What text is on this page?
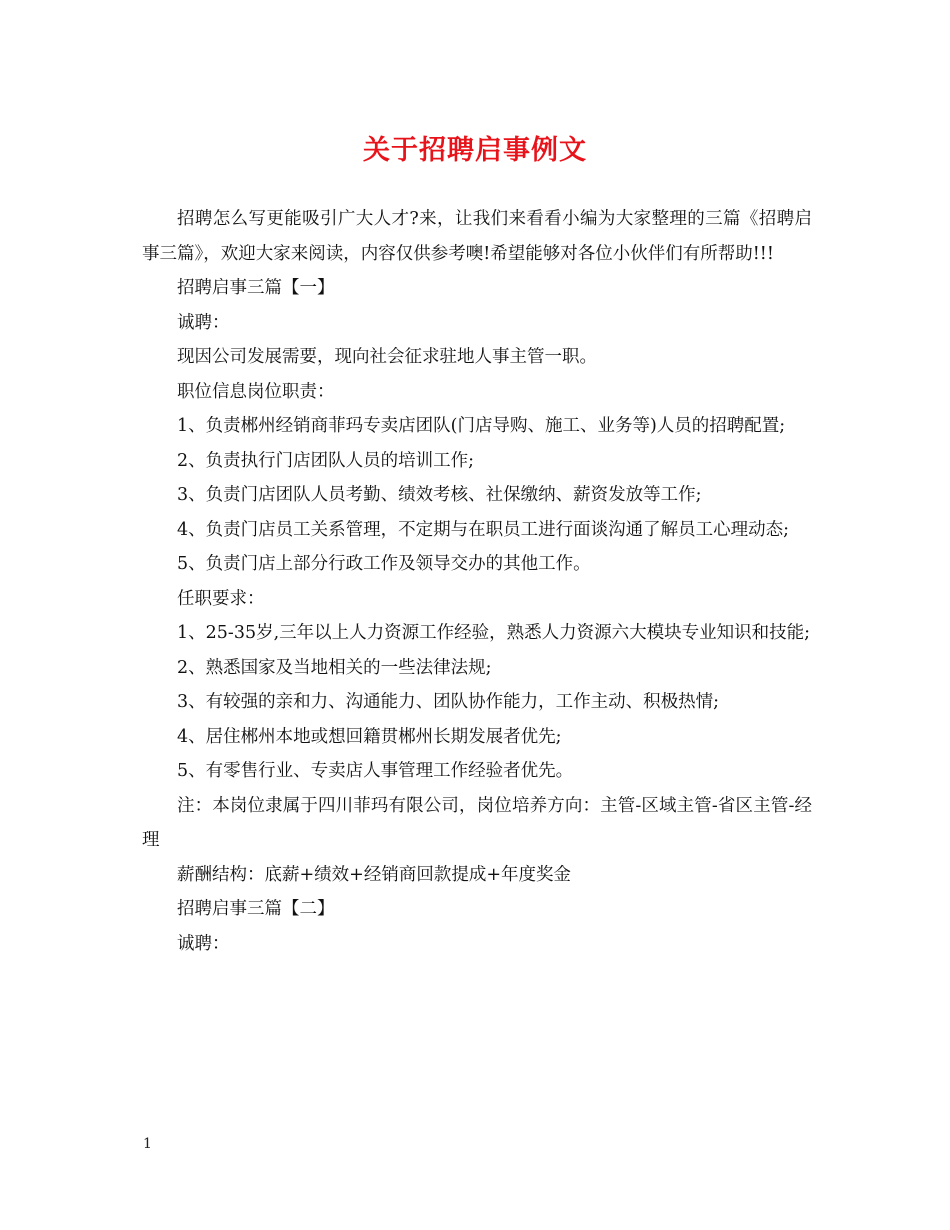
关于招聘启事例文

招聘怎么写更能吸引广大人才?来，让我们来看看小编为大家整理的三篇《招聘启事三篇》，欢迎大家来阅读，内容仅供参考噢!希望能够对各位小伙伴们有所帮助!!!

招聘启事三篇【一】

诚聘：

现因公司发展需要，现向社会征求驻地人事主管一职。

职位信息岗位职责：

1、负责郴州经销商菲玛专卖店团队(门店导购、施工、业务等)人员的招聘配置;

2、负责执行门店团队人员的培训工作;

3、负责门店团队人员考勤、绩效考核、社保缴纳、薪资发放等工作;

4、负责门店员工关系管理，不定期与在职员工进行面谈沟通了解员工心理动态;

5、负责门店上部分行政工作及领导交办的其他工作。

任职要求：

1、25-35岁,三年以上人力资源工作经验，熟悉人力资源六大模块专业知识和技能;

2、熟悉国家及当地相关的一些法律法规;

3、有较强的亲和力、沟通能力、团队协作能力，工作主动、积极热情;

4、居住郴州本地或想回籍贯郴州长期发展者优先;

5、有零售行业、专卖店人事管理工作经验者优先。

注：本岗位隶属于四川菲玛有限公司，岗位培养方向：主管-区域主管-省区主管-经理

薪酬结构：底薪+绩效+经销商回款提成+年度奖金

招聘启事三篇【二】

诚聘：

1
